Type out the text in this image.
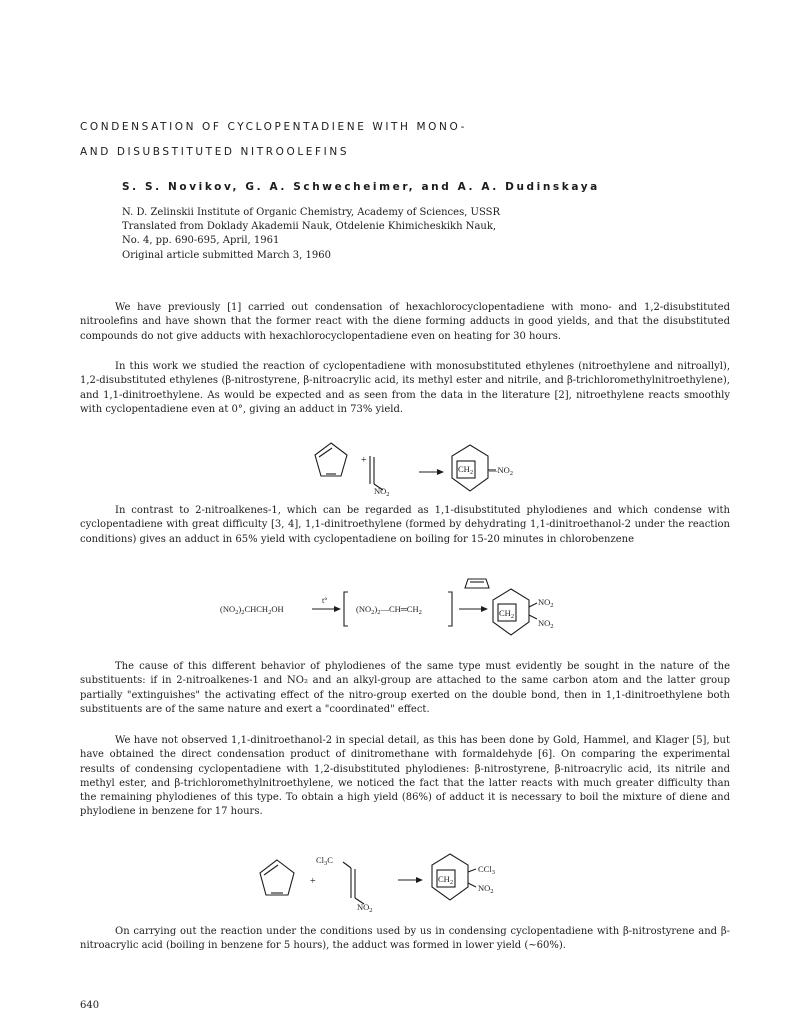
CONDENSATION OF CYCLOPENTADIENE WITH MONO-
AND DISUBSTITUTED NITROOLEFINS
S. S. Novikov, G. A. Schwecheimer, and A. A. Dudinskaya
N. D. Zelinskii Institute of Organic Chemistry, Academy of Sciences, USSR
Translated from Doklady Akademii Nauk, Otdelenie Khimicheskikh Nauk,
No. 4, pp. 690-695, April, 1961
Original article submitted March 3, 1960
We have previously [1] carried out condensation of hexachlorocyclopentadiene with mono- and 1,2-disubstituted nitroolefins and have shown that the former react with the diene forming adducts in good yields, and that the disubstituted compounds do not give adducts with hexachlorocyclopentadiene even on heating for 30 hours.
In this work we studied the reaction of cyclopentadiene with monosubstituted ethylenes (nitroethylene and nitroallyl), 1,2-disubstituted ethylenes (β-nitrostyrene, β-nitroacrylic acid, its methyl ester and nitrile, and β-trichloromethylnitroethylene), and 1,1-dinitroethylene. As would be expected and as seen from the data in the literature [2], nitroethylene reacts smoothly with cyclopentadiene even at 0°, giving an adduct in 73% yield.
+
$NO_2$
$CH_2$ $—NO_2$
In contrast to 2-nitroalkenes-1, which can be regarded as 1,1-disubstituted phylodienes and which condense with cyclopentadiene with great difficulty [3, 4], 1,1-dinitroethylene (formed by dehydrating 1,1-dinitroethanol-2 under the reaction conditions) gives an adduct in 65% yield with cyclopentadiene on boiling for 15-20 minutes in chlorobenzene
$(NO_2)_2CHCH_2OH$
t°
$(NO_2)_2—CH═CH_2$	$CH_2$
$NO_2$
$NO_2$
The cause of this different behavior of phylodienes of the same type must evidently be sought in the nature of the substituents: if in 2-nitroalkenes-1 and NO₂ and an alkyl-group are attached to the same carbon atom and the latter group partially "extinguishes" the activating effect of the nitro-group exerted on the double bond, then in 1,1-dinitroethylene both substituents are of the same nature and exert a "coordinated" effect.
We have not observed 1,1-dinitroethanol-2 in special detail, as this has been done by Gold, Hammel, and Klager [5], but have obtained the direct condensation product of dinitromethane with formaldehyde [6]. On comparing the experimental results of condensing cyclopentadiene with 1,2-disubstituted phylodienes: β-nitrostyrene, β-nitroacrylic acid, its nitrile and methyl ester, and β-trichloromethylnitroethylene, we noticed the fact that the latter reacts with much greater difficulty than the remaining phylodienes of this type. To obtain a high yield (86%) of adduct it is necessary to boil the mixture of diene and phylodiene in benzene for 17 hours.
$Cl_3C$
+
$NO_2$
$CH_2$
CCl$_3$
$NO_2$
On carrying out the reaction under the conditions used by us in condensing cyclopentadiene with β-nitrostyrene and β-nitroacrylic acid (boiling in benzene for 5 hours), the adduct was formed in lower yield (~60%).
640
